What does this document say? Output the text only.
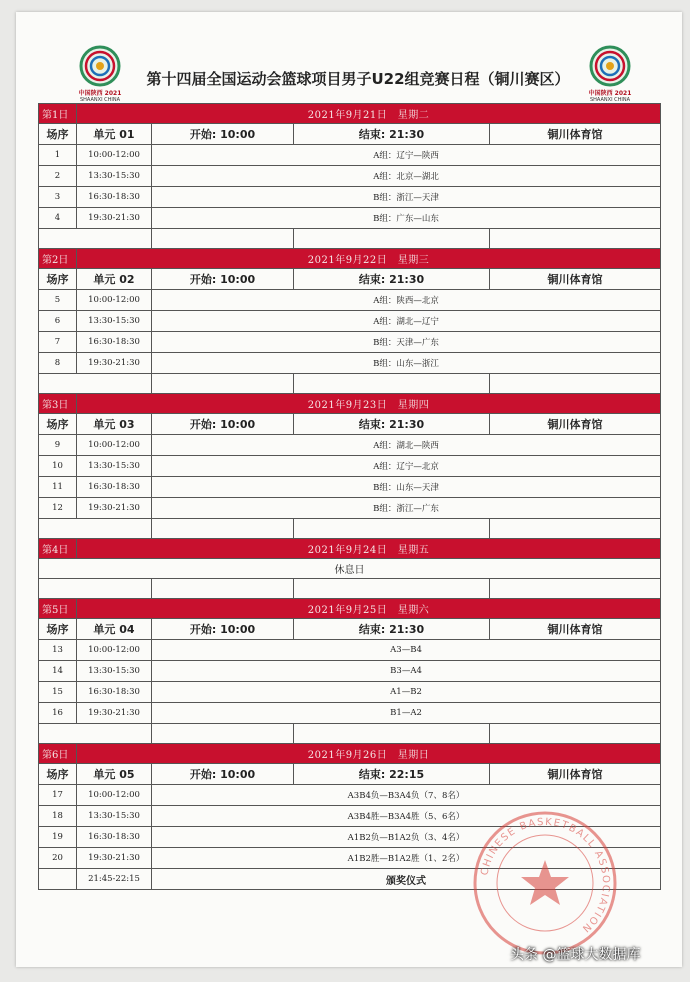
中国陕西 2021
SHAANXI CHINA
中国陕西 2021
SHAANXI CHINA
第十四届全国运动会篮球项目男子U22组竞赛日程（铜川赛区）
第1日	2021年9月21日　星期二			
场序	单元 01	开始: 10:00	结束: 21:30	铜川体育馆
1	10:00-12:00	A组：辽宁—陕西		
2	13:30-15:30	A组：北京—湖北		
3	16:30-18:30	B组：浙江—天津		
4	19:30-21:30	B组：广东—山东		

第2日	2021年9月22日　星期三			
场序	单元 02	开始: 10:00	结束: 21:30	铜川体育馆
5	10:00-12:00	A组：陕西—北京		
6	13:30-15:30	A组：湖北—辽宁		
7	16:30-18:30	B组：天津—广东		
8	19:30-21:30	B组：山东—浙江		

第3日	2021年9月23日　星期四			
场序	单元 03	开始: 10:00	结束: 21:30	铜川体育馆
9	10:00-12:00	A组：湖北—陕西		
10	13:30-15:30	A组：辽宁—北京		
11	16:30-18:30	B组：山东—天津		
12	19:30-21:30	B组：浙江—广东		

第4日	2021年9月24日　星期五			
休息日				

第5日	2021年9月25日　星期六			
场序	单元 04	开始: 10:00	结束: 21:30	铜川体育馆
13	10:00-12:00	A3—B4		
14	13:30-15:30	B3—A4		
15	16:30-18:30	A1—B2		
16	19:30-21:30	B1—A2		

第6日	2021年9月26日　星期日			
场序	单元 05	开始: 10:00	结束: 22:15	铜川体育馆
17	10:00-12:00	A3B4负—B3A4负（7、8名）		
18	13:30-15:30	A3B4胜—B3A4胜（5、6名）		
19	16:30-18:30	A1B2负—B1A2负（3、4名）		
20	19:30-21:30	A1B2胜—B1A2胜（1、2名）		
	21:45-22:15	颁奖仪式		
CHINESE BASKETBALL ASSOCIATION
头条 @篮球大数据库
